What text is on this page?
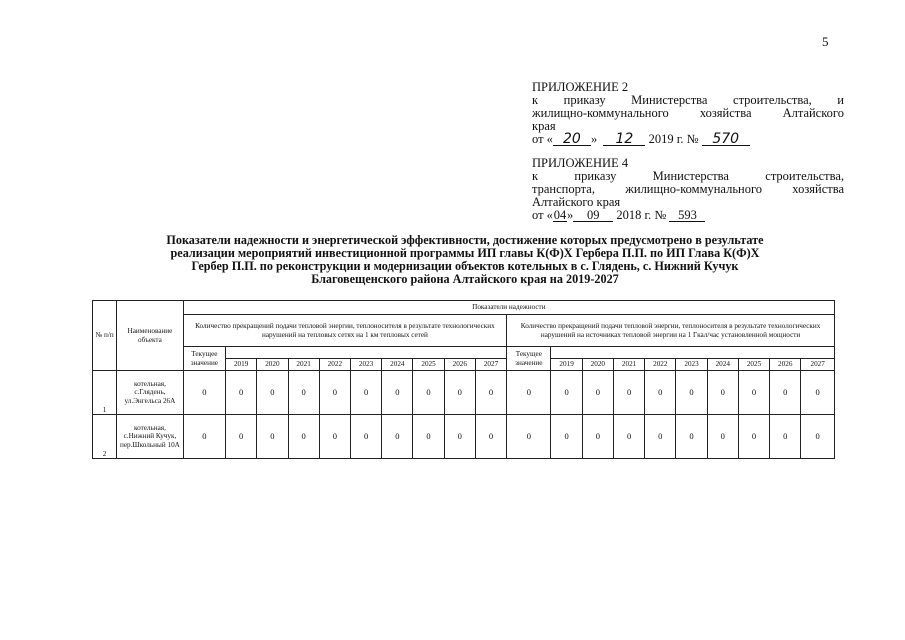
5
ПРИЛОЖЕНИЕ 2
к приказу Министерства строительства, и
жилищно-коммунального хозяйства Алтайского
края
от « 20 » 12 2019 г. № 570
ПРИЛОЖЕНИЕ 4
к приказу Министерства строительства,
транспорта, жилищно-коммунального хозяйства
Алтайского края
от «04» 09 2018 г. № 593
Показатели надежности и энергетической эффективности, достижение которых предусмотрено в результате
реализации мероприятий инвестиционной программы ИП главы К(Ф)Х Гербера П.П. по ИП Глава К(Ф)Х
Гербер П.П. по реконструкции и модернизации объектов котельных в с. Глядень, с. Нижний Кучук
Благовещенского района Алтайского края на 2019-2027
№ п/п	Наименование объекта	Показатели надежности																			
		Количество прекращений подачи тепловой энергии, теплоносителя в результате технологических нарушений на тепловых сетях на 1 км тепловых сетей										Количество прекращений подачи тепловой энергии, теплоносителя в результате технологических нарушений на источниках тепловой энергии на 1 Гкал/час установленной мощности									
		Текущее значение										Текущее значение									
			2019	2020	2021	2022	2023	2024	2025	2026	2027		2019	2020	2021	2022	2023	2024	2025	2026	2027
1	котельная, с.Глядень, ул.Энгельса 26А	0	0	0	0	0	0	0	0	0	0	0	0	0	0	0	0	0	0	0	0
2	котельная, с.Нижний Кучук, пер.Школьный 10А	0	0	0	0	0	0	0	0	0	0	0	0	0	0	0	0	0	0	0	0
